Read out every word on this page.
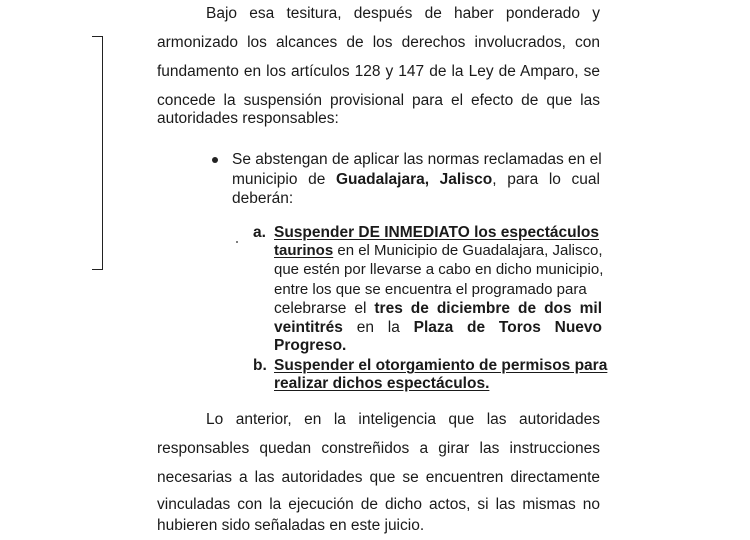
Bajo esa tesitura, después de haber ponderado y
armonizado los alcances de los derechos involucrados, con
fundamento en los artículos 128 y 147 de la Ley de Amparo, se
concede la suspensión provisional para el efecto de que las
autoridades responsables:
Se abstengan de aplicar las normas reclamadas en el
municipio de Guadalajara, Jalisco, para lo cual
deberán:
a. Suspender DE INMEDIATO los espectáculos
taurinos en el Municipio de Guadalajara, Jalisco,
que estén por llevarse a cabo en dicho municipio,
entre los que se encuentra el programado para
celebrarse el tres de diciembre de dos mil
veintitrés en la Plaza de Toros Nuevo
Progreso.
b. Suspender el otorgamiento de permisos para
realizar dichos espectáculos.
Lo anterior, en la inteligencia que las autoridades
responsables quedan constreñidos a girar las instrucciones
necesarias a las autoridades que se encuentren directamente
vinculadas con la ejecución de dicho actos, si las mismas no
hubieren sido señaladas en este juicio.
